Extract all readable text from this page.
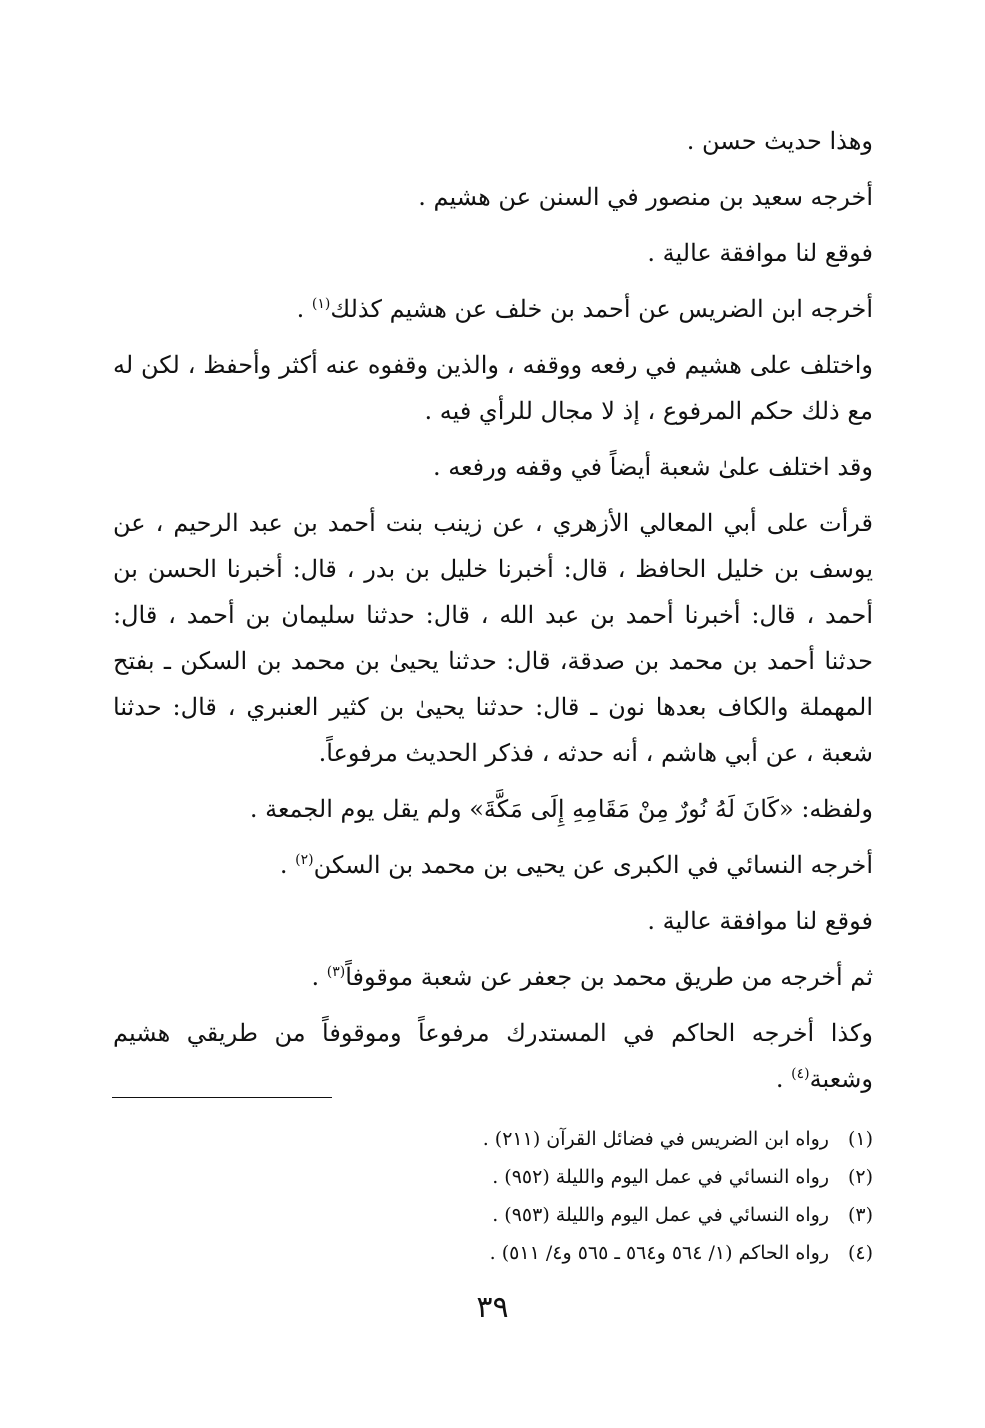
وهذا حديث حسن .

أخرجه سعيد بن منصور في السنن عن هشيم .

فوقع لنا موافقة عالية .

أخرجه ابن الضريس عن أحمد بن خلف عن هشيم كذلك$^{(١)}$ .

واختلف على هشيم في رفعه ووقفه ، والذين وقفوه عنه أكثر وأحفظ ، لكن له مع ذلك حكم المرفوع ، إذ لا مجال للرأي فيه .

وقد اختلف علىٰ شعبة أيضاً في وقفه ورفعه .

قرأت على أبي المعالي الأزهري ، عن زينب بنت أحمد بن عبد الرحيم ، عن يوسف بن خليل الحافظ ، قال: أخبرنا خليل بن بدر ، قال: أخبرنا الحسن بن أحمد ، قال: أخبرنا أحمد بن عبد الله ، قال: حدثنا سليمان بن أحمد ، قال: حدثنا أحمد بن محمد بن صدقة، قال: حدثنا يحيىٰ بن محمد بن السكن ـ بفتح المهملة والكاف بعدها نون ـ قال: حدثنا يحيىٰ بن كثير العنبري ، قال: حدثنا شعبة ، عن أبي هاشم ، أنه حدثه ، فذكر الحديث مرفوعاً.

ولفظه: «كَانَ لَهُ نُورٌ مِنْ مَقَامِهِ إِلَى مَكَّةَ» ولم يقل يوم الجمعة .

أخرجه النسائي في الكبرى عن يحيى بن محمد بن السكن$^{(٢)}$ .

فوقع لنا موافقة عالية .

ثم أخرجه من طريق محمد بن جعفر عن شعبة موقوفاً$^{(٣)}$ .

وكذا أخرجه الحاكم في المستدرك مرفوعاً وموقوفاً من طريقي هشيم وشعبة$^{(٤)}$ .

(١)رواه ابن الضريس في فضائل القرآن (٢١١) .
(٢)رواه النسائي في عمل اليوم والليلة (٩٥٢) .
(٣)رواه النسائي في عمل اليوم والليلة (٩٥٣) .
(٤)رواه الحاكم (١/ ٥٦٤ و٥٦٤ ـ ٥٦٥ و٤/ ٥١١) .
٣٩
